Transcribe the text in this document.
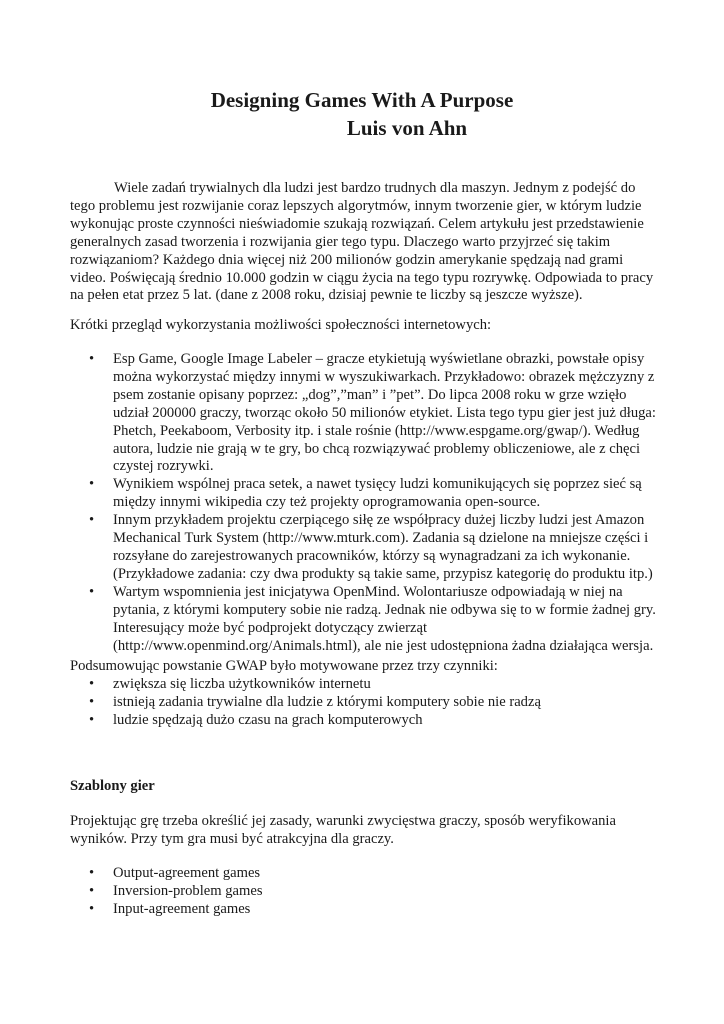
Designing Games With A Purpose
Luis von Ahn

Wiele zadań trywialnych dla ludzi jest bardzo trudnych dla maszyn. Jednym z podejść do tego problemu jest rozwijanie coraz lepszych algorytmów, innym tworzenie gier, w którym ludzie wykonując proste czynności nieświadomie szukają rozwiązań. Celem artykułu jest przedstawienie generalnych zasad tworzenia i rozwijania gier tego typu. Dlaczego warto przyjrzeć się takim rozwiązaniom? Każdego dnia więcej niż 200 milionów godzin amerykanie spędzają nad grami video. Poświęcają średnio 10.000 godzin w ciągu życia na tego typu rozrywkę. Odpowiada to pracy na pełen etat przez 5 lat. (dane z 2008 roku, dzisiaj pewnie te liczby są jeszcze wyższe).

Krótki przegląd wykorzystania możliwości społeczności internetowych:

• Esp Game, Google Image Labeler – gracze etykietują wyświetlane obrazki, powstałe opisy można wykorzystać między innymi w wyszukiwarkach. Przykładowo: obrazek mężczyzny z psem zostanie opisany poprzez: „dog”,”man” i ”pet”. Do lipca 2008 roku w grze wzięło udział 200000 graczy, tworząc około 50 milionów etykiet. Lista tego typu gier jest już długa: Phetch, Peekaboom, Verbosity itp. i stale rośnie (http://www.espgame.org/gwap/). Według autora, ludzie nie grają w te gry, bo chcą rozwiązywać problemy obliczeniowe, ale z chęci czystej rozrywki.
• Wynikiem wspólnej praca setek, a nawet tysięcy ludzi komunikujących się poprzez sieć są między innymi wikipedia czy też projekty oprogramowania open-source.
• Innym przykładem projektu czerpiącego siłę ze współpracy dużej liczby ludzi jest Amazon Mechanical Turk System (http://www.mturk.com). Zadania są dzielone na mniejsze części i rozsyłane do zarejestrowanych pracowników, którzy są wynagradzani za ich wykonanie. (Przykładowe zadania: czy dwa produkty są takie same, przypisz kategorię do produktu itp.)
• Wartym wspomnienia jest inicjatywa OpenMind. Wolontariusze odpowiadają w niej na pytania, z którymi komputery sobie nie radzą. Jednak nie odbywa się to w formie żadnej gry. Interesujący może być podprojekt dotyczący zwierząt (http://www.openmind.org/Animals.html), ale nie jest udostępniona żadna działająca wersja.

Podsumowując powstanie GWAP było motywowane przez trzy czynniki:

• zwiększa się liczba użytkowników internetu
• istnieją zadania trywialne dla ludzie z którymi komputery sobie nie radzą
• ludzie spędzają dużo czasu na grach komputerowych
Szablony gier

Projektując grę trzeba określić jej zasady, warunki zwycięstwa graczy, sposób weryfikowania wyników. Przy tym gra musi być atrakcyjna dla graczy.

• Output-agreement games
• Inversion-problem games
• Input-agreement games
